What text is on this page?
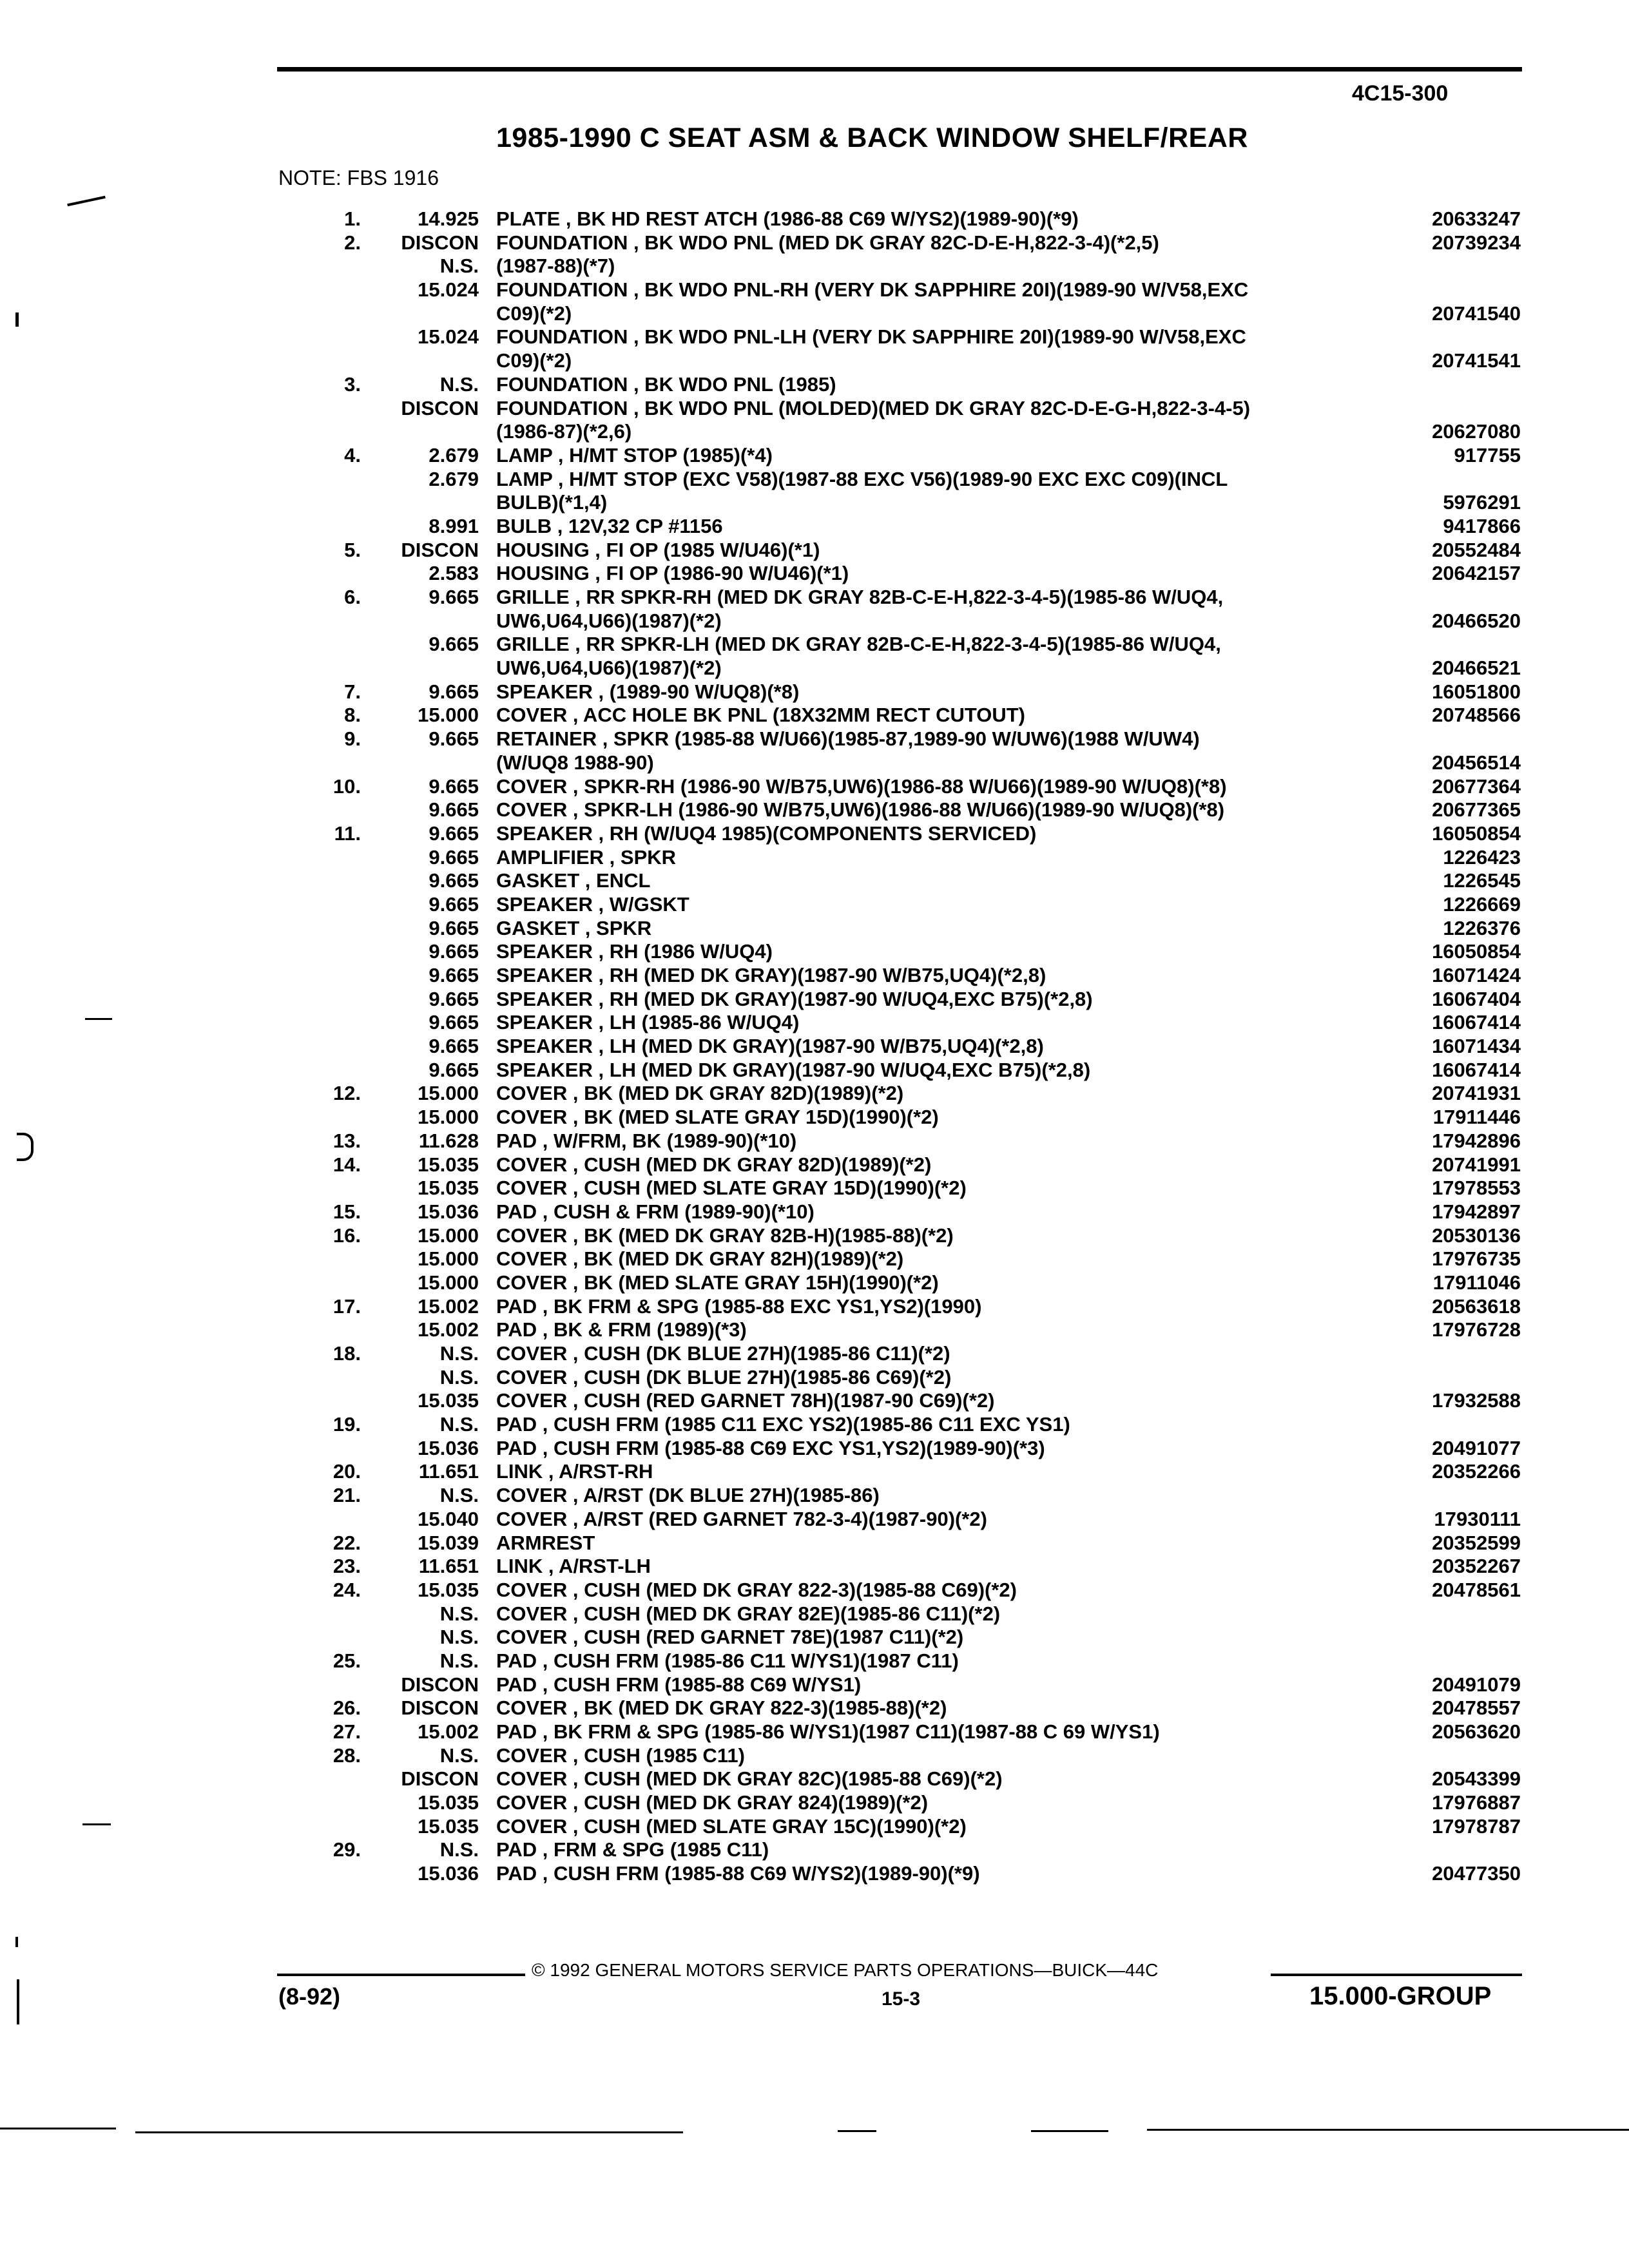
4C15-300
1985-1990 C SEAT ASM & BACK WINDOW SHELF/REAR
NOTE: FBS 1916
1.	14.925 PLATE , BK HD REST ATCH (1986-88 C69 W/YS2)(1989-90)(*9)	20633247
2. DISCON FOUNDATION , BK WDO PNL (MED DK GRAY 82C-D-E-H,822-3-4)(*2,5)	20739234
N.S. (1987-88)(*7)
15.024 FOUNDATION , BK WDO PNL-RH (VERY DK SAPPHIRE 20I)(1989-90 W/V58,EXC
C09)(*2)	20741540
15.024 FOUNDATION , BK WDO PNL-LH (VERY DK SAPPHIRE 20I)(1989-90 W/V58,EXC
C09)(*2)	20741541
3.	N.S. FOUNDATION , BK WDO PNL (1985)
DISCON FOUNDATION , BK WDO PNL (MOLDED)(MED DK GRAY 82C-D-E-G-H,822-3-4-5)
(1986-87)(*2,6)	20627080
4.	2.679 LAMP , H/MT STOP (1985)(*4)	917755
2.679 LAMP , H/MT STOP (EXC V58)(1987-88 EXC V56)(1989-90 EXC EXC C09)(INCL
BULB)(*1,4)	5976291
8.991 BULB , 12V,32 CP #1156	9417866
5. DISCON HOUSING , FI OP (1985 W/U46)(*1)	20552484
2.583 HOUSING , FI OP (1986-90 W/U46)(*1)	20642157
6.	9.665 GRILLE , RR SPKR-RH (MED DK GRAY 82B-C-E-H,822-3-4-5)(1985-86 W/UQ4,
UW6,U64,U66)(1987)(*2)	20466520
9.665 GRILLE , RR SPKR-LH (MED DK GRAY 82B-C-E-H,822-3-4-5)(1985-86 W/UQ4,
UW6,U64,U66)(1987)(*2)	20466521
7.	9.665 SPEAKER , (1989-90 W/UQ8)(*8)	16051800
8.	15.000 COVER , ACC HOLE BK PNL (18X32MM RECT CUTOUT)	20748566
9.	9.665 RETAINER , SPKR (1985-88 W/U66)(1985-87,1989-90 W/UW6)(1988 W/UW4)
(W/UQ8 1988-90)	20456514
10.	9.665 COVER , SPKR-RH (1986-90 W/B75,UW6)(1986-88 W/U66)(1989-90 W/UQ8)(*8)	20677364
9.665 COVER , SPKR-LH (1986-90 W/B75,UW6)(1986-88 W/U66)(1989-90 W/UQ8)(*8)	20677365
11.	9.665 SPEAKER , RH (W/UQ4 1985)(COMPONENTS SERVICED)	16050854
9.665 AMPLIFIER , SPKR	1226423
9.665 GASKET , ENCL	1226545
9.665 SPEAKER , W/GSKT	1226669
9.665 GASKET , SPKR	1226376
9.665 SPEAKER , RH (1986 W/UQ4)	16050854
9.665 SPEAKER , RH (MED DK GRAY)(1987-90 W/B75,UQ4)(*2,8)	16071424
9.665 SPEAKER , RH (MED DK GRAY)(1987-90 W/UQ4,EXC B75)(*2,8)	16067404
9.665 SPEAKER , LH (1985-86 W/UQ4)	16067414
9.665 SPEAKER , LH (MED DK GRAY)(1987-90 W/B75,UQ4)(*2,8)	16071434
9.665 SPEAKER , LH (MED DK GRAY)(1987-90 W/UQ4,EXC B75)(*2,8)	16067414
12.	15.000 COVER , BK (MED DK GRAY 82D)(1989)(*2)	20741931
15.000 COVER , BK (MED SLATE GRAY 15D)(1990)(*2)	17911446
13.	11.628 PAD , W/FRM, BK (1989-90)(*10)	17942896
14.	15.035 COVER , CUSH (MED DK GRAY 82D)(1989)(*2)	20741991
15.035 COVER , CUSH (MED SLATE GRAY 15D)(1990)(*2)	17978553
15.	15.036 PAD , CUSH & FRM (1989-90)(*10)	17942897
16.	15.000 COVER , BK (MED DK GRAY 82B-H)(1985-88)(*2)	20530136
15.000 COVER , BK (MED DK GRAY 82H)(1989)(*2)	17976735
15.000 COVER , BK (MED SLATE GRAY 15H)(1990)(*2)	17911046
17.	15.002 PAD , BK FRM & SPG (1985-88 EXC YS1,YS2)(1990)	20563618
15.002 PAD , BK & FRM (1989)(*3)	17976728
18.	N.S. COVER , CUSH (DK BLUE 27H)(1985-86 C11)(*2)
N.S. COVER , CUSH (DK BLUE 27H)(1985-86 C69)(*2)
15.035 COVER , CUSH (RED GARNET 78H)(1987-90 C69)(*2)	17932588
19.	N.S. PAD , CUSH FRM (1985 C11 EXC YS2)(1985-86 C11 EXC YS1)
15.036 PAD , CUSH FRM (1985-88 C69 EXC YS1,YS2)(1989-90)(*3)	20491077
20.	11.651 LINK , A/RST-RH	20352266
21.	N.S. COVER , A/RST (DK BLUE 27H)(1985-86)
15.040 COVER , A/RST (RED GARNET 782-3-4)(1987-90)(*2)	17930111
22.	15.039 ARMREST	20352599
23.	11.651 LINK , A/RST-LH	20352267
24.	15.035 COVER , CUSH (MED DK GRAY 822-3)(1985-88 C69)(*2)	20478561
N.S. COVER , CUSH (MED DK GRAY 82E)(1985-86 C11)(*2)
N.S. COVER , CUSH (RED GARNET 78E)(1987 C11)(*2)
25.	N.S. PAD , CUSH FRM (1985-86 C11 W/YS1)(1987 C11)
DISCON PAD , CUSH FRM (1985-88 C69 W/YS1)	20491079
26. DISCON COVER , BK (MED DK GRAY 822-3)(1985-88)(*2)	20478557
27.	15.002 PAD , BK FRM & SPG (1985-86 W/YS1)(1987 C11)(1987-88 C 69 W/YS1)	20563620
28.	N.S. COVER , CUSH (1985 C11)
DISCON COVER , CUSH (MED DK GRAY 82C)(1985-88 C69)(*2)	20543399
15.035 COVER , CUSH (MED DK GRAY 824)(1989)(*2)	17976887
15.035 COVER , CUSH (MED SLATE GRAY 15C)(1990)(*2)	17978787
29.	N.S. PAD , FRM & SPG (1985 C11)
15.036 PAD , CUSH FRM (1985-88 C69 W/YS2)(1989-90)(*9)	20477350
© 1992 GENERAL MOTORS SERVICE PARTS OPERATIONS—BUICK—44C
(8-92)	15-3	15.000-GROUP
